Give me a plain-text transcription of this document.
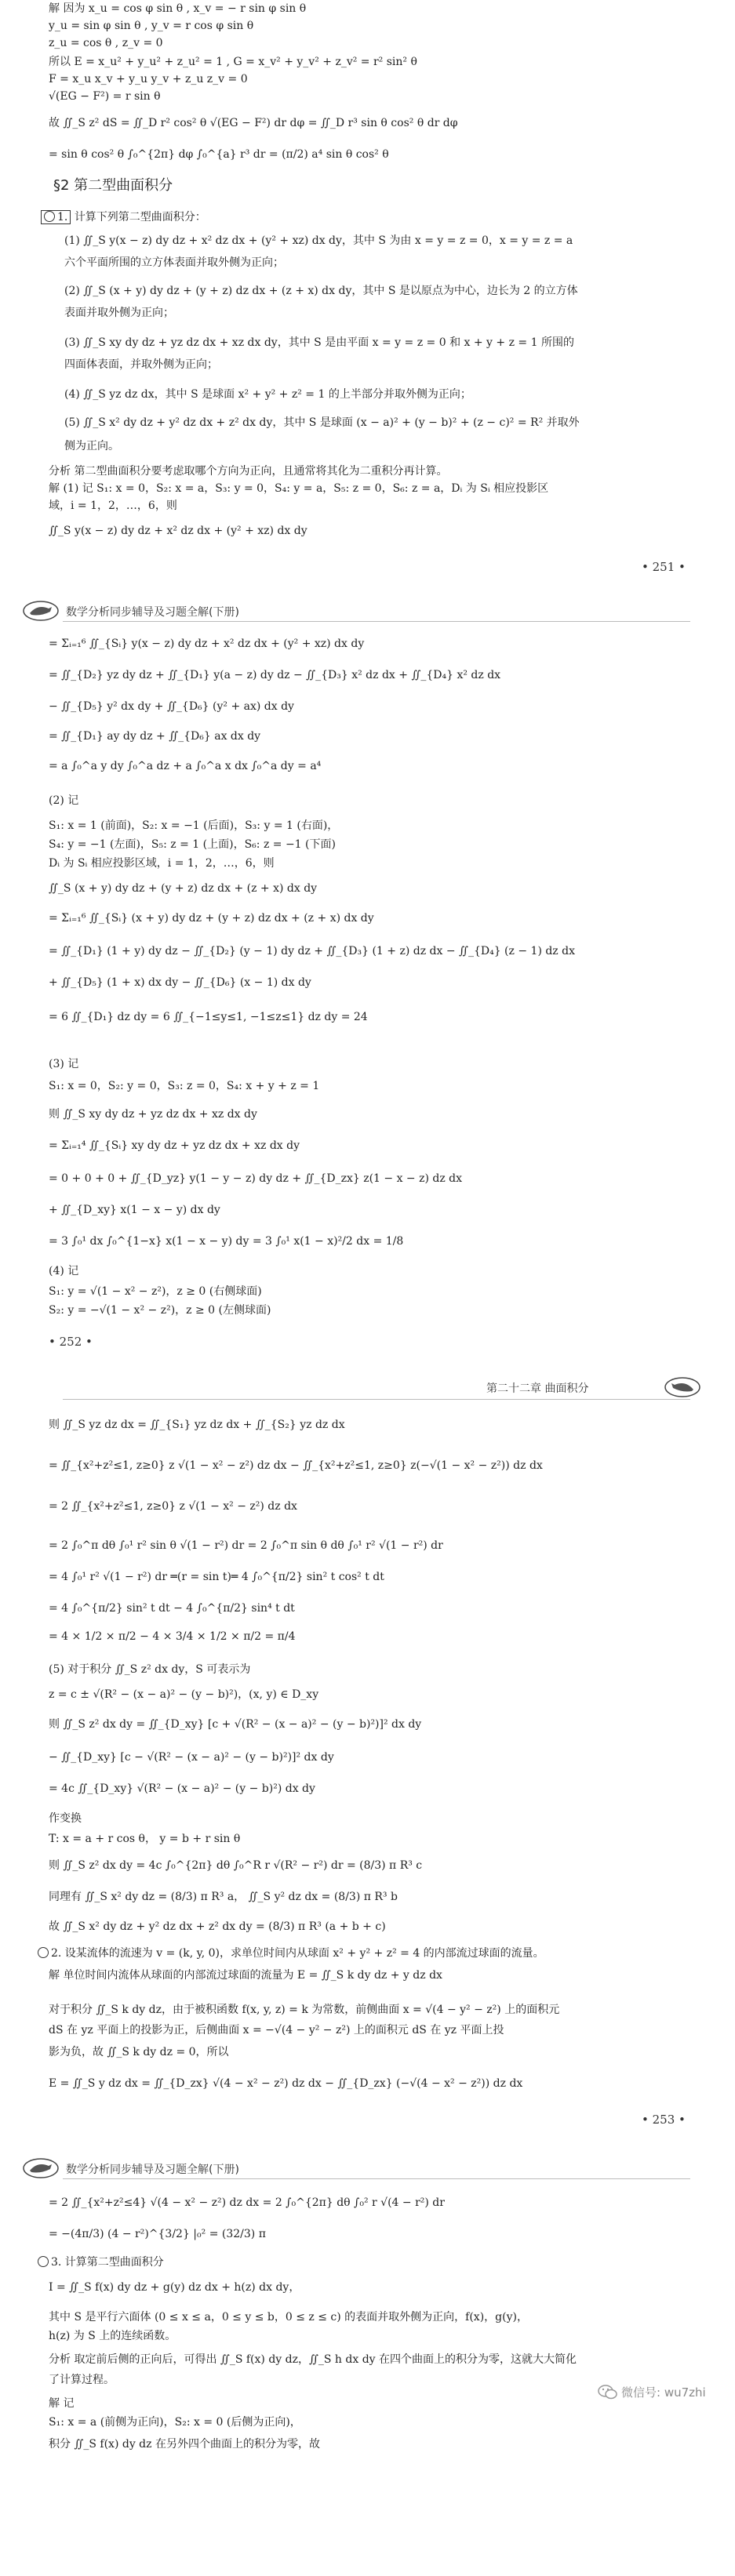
解 因为 x_u = cos φ sin θ , x_v = − r sin φ sin θ
y_u = sin φ sin θ , y_v = r cos φ sin θ
z_u = cos θ , z_v = 0
所以 E = x_u² + y_u² + z_u² = 1 , G = x_v² + y_v² + z_v² = r² sin² θ
F = x_u x_v + y_u y_v + z_u z_v = 0
√(EG − F²) = r sin θ
故 ∬_S z² dS = ∬_D r² cos² θ √(EG − F²) dr dφ = ∬_D r³ sin θ cos² θ dr dφ
= sin θ cos² θ ∫₀^{2π} dφ ∫₀^{a} r³ dr = (π/2) a⁴ sin θ cos² θ
§2 第二型曲面积分
1. 计算下列第二型曲面积分：
(1) ∬_S y(x − z) dy dz + x² dz dx + (y² + xz) dx dy，其中 S 为由 x = y = z = 0，x = y = z = a
六个平面所围的立方体表面并取外侧为正向；
(2) ∬_S (x + y) dy dz + (y + z) dz dx + (z + x) dx dy，其中 S 是以原点为中心，边长为 2 的立方体
表面并取外侧为正向；
(3) ∬_S xy dy dz + yz dz dx + xz dx dy，其中 S 是由平面 x = y = z = 0 和 x + y + z = 1 所围的
四面体表面，并取外侧为正向；
(4) ∬_S yz dz dx，其中 S 是球面 x² + y² + z² = 1 的上半部分并取外侧为正向；
(5) ∬_S x² dy dz + y² dz dx + z² dx dy，其中 S 是球面 (x − a)² + (y − b)² + (z − c)² = R² 并取外
侧为正向。
分析 第二型曲面积分要考虑取哪个方向为正向，且通常将其化为二重积分再计算。
解 (1) 记 S₁: x = 0，S₂: x = a，S₃: y = 0，S₄: y = a，S₅: z = 0，S₆: z = a，Dᵢ 为 Sᵢ 相应投影区
域，i = 1，2，…，6，则
∬_S y(x − z) dy dz + x² dz dx + (y² + xz) dx dy
• 251 •
数学分析同步辅导及习题全解(下册)
= Σᵢ₌₁⁶ ∬_{Sᵢ} y(x − z) dy dz + x² dz dx + (y² + xz) dx dy
= ∬_{D₂} yz dy dz + ∬_{D₁} y(a − z) dy dz − ∬_{D₃} x² dz dx + ∬_{D₄} x² dz dx
− ∬_{D₅} y² dx dy + ∬_{D₆} (y² + ax) dx dy
= ∬_{D₁} ay dy dz + ∬_{D₆} ax dx dy
= a ∫₀^a y dy ∫₀^a dz + a ∫₀^a x dx ∫₀^a dy = a⁴
(2) 记
S₁: x = 1 (前面)，S₂: x = −1 (后面)，S₃: y = 1 (右面)，
S₄: y = −1 (左面)，S₅: z = 1 (上面)，S₆: z = −1 (下面)
Dᵢ 为 Sᵢ 相应投影区域，i = 1，2，…，6，则
∬_S (x + y) dy dz + (y + z) dz dx + (z + x) dx dy
= Σᵢ₌₁⁶ ∬_{Sᵢ} (x + y) dy dz + (y + z) dz dx + (z + x) dx dy
= ∬_{D₁} (1 + y) dy dz − ∬_{D₂} (y − 1) dy dz + ∬_{D₃} (1 + z) dz dx − ∬_{D₄} (z − 1) dz dx
+ ∬_{D₅} (1 + x) dx dy − ∬_{D₆} (x − 1) dx dy
= 6 ∬_{D₁} dz dy = 6 ∬_{−1≤y≤1, −1≤z≤1} dz dy = 24
(3) 记
S₁: x = 0，S₂: y = 0，S₃: z = 0，S₄: x + y + z = 1
则 ∬_S xy dy dz + yz dz dx + xz dx dy
= Σᵢ₌₁⁴ ∬_{Sᵢ} xy dy dz + yz dz dx + xz dx dy
= 0 + 0 + 0 + ∬_{D_yz} y(1 − y − z) dy dz + ∬_{D_zx} z(1 − x − z) dz dx
+ ∬_{D_xy} x(1 − x − y) dx dy
= 3 ∫₀¹ dx ∫₀^{1−x} x(1 − x − y) dy = 3 ∫₀¹ x(1 − x)²/2 dx = 1/8
(4) 记
S₁: y = √(1 − x² − z²)，z ≥ 0 (右侧球面)
S₂: y = −√(1 − x² − z²)，z ≥ 0 (左侧球面)
• 252 •
第二十二章 曲面积分
则 ∬_S yz dz dx = ∬_{S₁} yz dz dx + ∬_{S₂} yz dz dx
= ∬_{x²+z²≤1, z≥0} z √(1 − x² − z²) dz dx − ∬_{x²+z²≤1, z≥0} z(−√(1 − x² − z²)) dz dx
= 2 ∬_{x²+z²≤1, z≥0} z √(1 − x² − z²) dz dx
= 2 ∫₀^π dθ ∫₀¹ r² sin θ √(1 − r²) dr = 2 ∫₀^π sin θ dθ ∫₀¹ r² √(1 − r²) dr
= 4 ∫₀¹ r² √(1 − r²) dr ═(r = sin t)═ 4 ∫₀^{π/2} sin² t cos² t dt
= 4 ∫₀^{π/2} sin² t dt − 4 ∫₀^{π/2} sin⁴ t dt
= 4 × 1/2 × π/2 − 4 × 3/4 × 1/2 × π/2 = π/4
(5) 对于积分 ∬_S z² dx dy，S 可表示为
z = c ± √(R² − (x − a)² − (y − b)²)，(x, y) ∈ D_xy
则 ∬_S z² dx dy = ∬_{D_xy} [c + √(R² − (x − a)² − (y − b)²)]² dx dy
− ∬_{D_xy} [c − √(R² − (x − a)² − (y − b)²)]² dx dy
= 4c ∬_{D_xy} √(R² − (x − a)² − (y − b)²) dx dy
作变换
T: x = a + r cos θ， y = b + r sin θ
则 ∬_S z² dx dy = 4c ∫₀^{2π} dθ ∫₀^R r √(R² − r²) dr = (8/3) π R³ c
同理有 ∬_S x² dy dz = (8/3) π R³ a， ∬_S y² dz dx = (8/3) π R³ b
故 ∬_S x² dy dz + y² dz dx + z² dx dy = (8/3) π R³ (a + b + c)
2. 设某流体的流速为 v = (k, y, 0)，求单位时间内从球面 x² + y² + z² = 4 的内部流过球面的流量。
解 单位时间内流体从球面的内部流过球面的流量为 E = ∬_S k dy dz + y dz dx
对于积分 ∬_S k dy dz，由于被积函数 f(x, y, z) = k 为常数，前侧曲面 x = √(4 − y² − z²) 上的面积元
dS 在 yz 平面上的投影为正，后侧曲面 x = −√(4 − y² − z²) 上的面积元 dS 在 yz 平面上投
影为负，故 ∬_S k dy dz = 0，所以
E = ∬_S y dz dx = ∬_{D_zx} √(4 − x² − z²) dz dx − ∬_{D_zx} (−√(4 − x² − z²)) dz dx
• 253 •
数学分析同步辅导及习题全解(下册)
= 2 ∬_{x²+z²≤4} √(4 − x² − z²) dz dx = 2 ∫₀^{2π} dθ ∫₀² r √(4 − r²) dr
= −(4π/3) (4 − r²)^{3/2} |₀² = (32/3) π
3. 计算第二型曲面积分
I = ∬_S f(x) dy dz + g(y) dz dx + h(z) dx dy，
其中 S 是平行六面体 (0 ≤ x ≤ a，0 ≤ y ≤ b，0 ≤ z ≤ c) 的表面并取外侧为正向，f(x)，g(y)，
h(z) 为 S 上的连续函数。
分析 取定前后侧的正向后，可得出 ∬_S f(x) dy dz，∬_S h dx dy 在四个曲面上的积分为零，这就大大简化
了计算过程。
解 记
S₁: x = a (前侧为正向)，S₂: x = 0 (后侧为正向)，
积分 ∬_S f(x) dy dz 在另外四个曲面上的积分为零，故
微信号: wu7zhi
